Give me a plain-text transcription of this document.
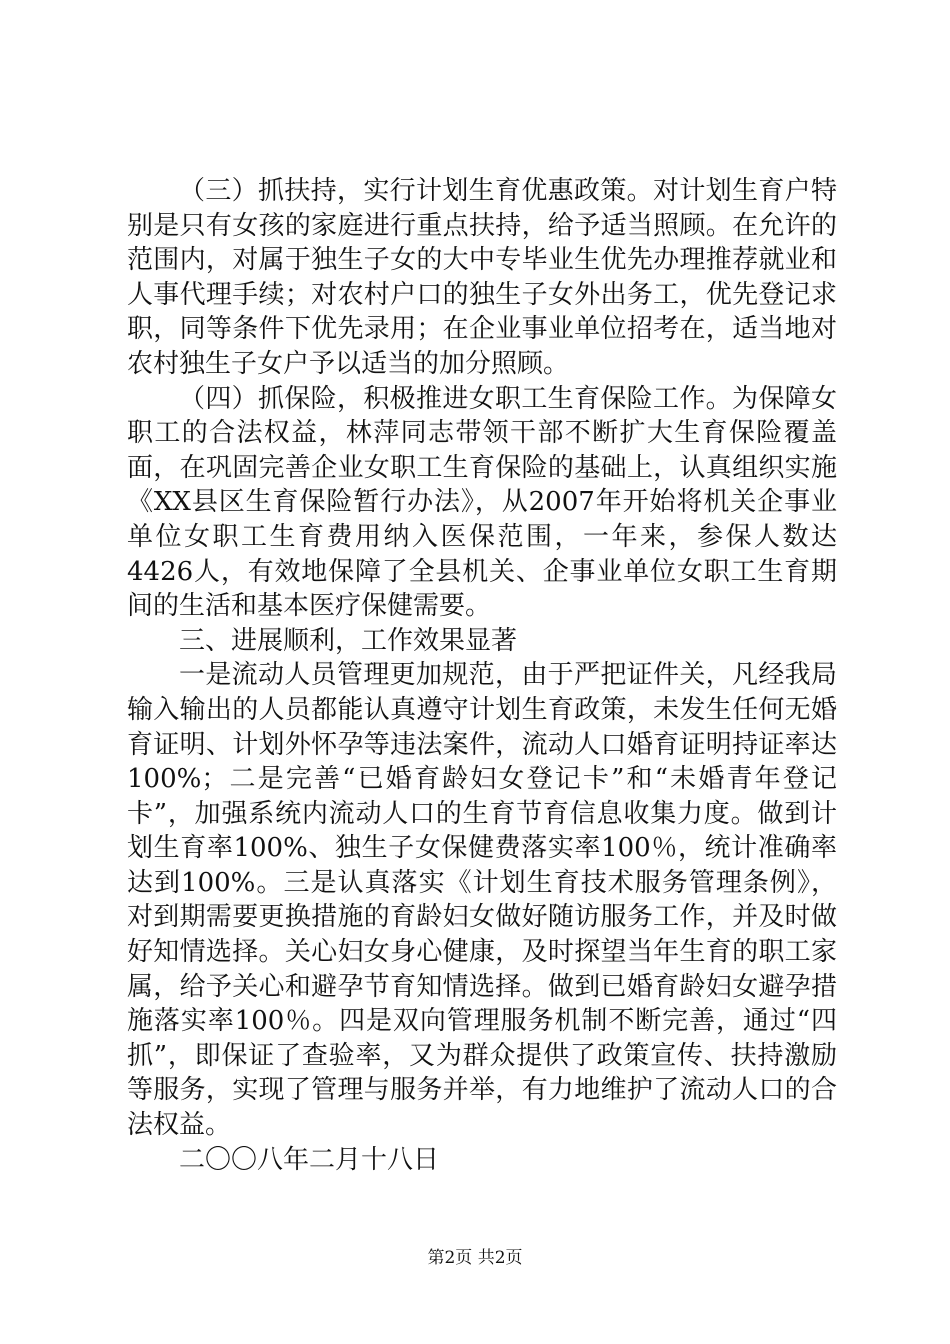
（三）抓扶持，实行计划生育优惠政策。对计划生育户特别是只有女孩的家庭进行重点扶持，给予适当照顾。在允许的范围内，对属于独生子女的大中专毕业生优先办理推荐就业和人事代理手续；对农村户口的独生子女外出务工，优先登记求职，同等条件下优先录用；在企业事业单位招考在，适当地对农村独生子女户予以适当的加分照顾。

（四）抓保险，积极推进女职工生育保险工作。为保障女职工的合法权益，林萍同志带领干部不断扩大生育保险覆盖面，在巩固完善企业女职工生育保险的基础上，认真组织实施《XX县区生育保险暂行办法》，从2007年开始将机关企事业单位女职工生育费用纳入医保范围，一年来，参保人数达4426人，有效地保障了全县机关、企事业单位女职工生育期间的生活和基本医疗保健需要。

三、进展顺利，工作效果显著

一是流动人员管理更加规范，由于严把证件关，凡经我局输入输出的人员都能认真遵守计划生育政策，未发生任何无婚育证明、计划外怀孕等违法案件，流动人口婚育证明持证率达100%；二是完善“已婚育龄妇女登记卡”和“未婚青年登记卡”，加强系统内流动人口的生育节育信息收集力度。做到计划生育率100%、独生子女保健费落实率100％，统计准确率达到100%。三是认真落实《计划生育技术服务管理条例》，对到期需要更换措施的育龄妇女做好随访服务工作，并及时做好知情选择。关心妇女身心健康，及时探望当年生育的职工家属，给予关心和避孕节育知情选择。做到已婚育龄妇女避孕措施落实率100％。四是双向管理服务机制不断完善，通过“四抓”，即保证了查验率，又为群众提供了政策宣传、扶持激励等服务，实现了管理与服务并举，有力地维护了流动人口的合法权益。

二〇〇八年二月十八日

第2页 共2页
